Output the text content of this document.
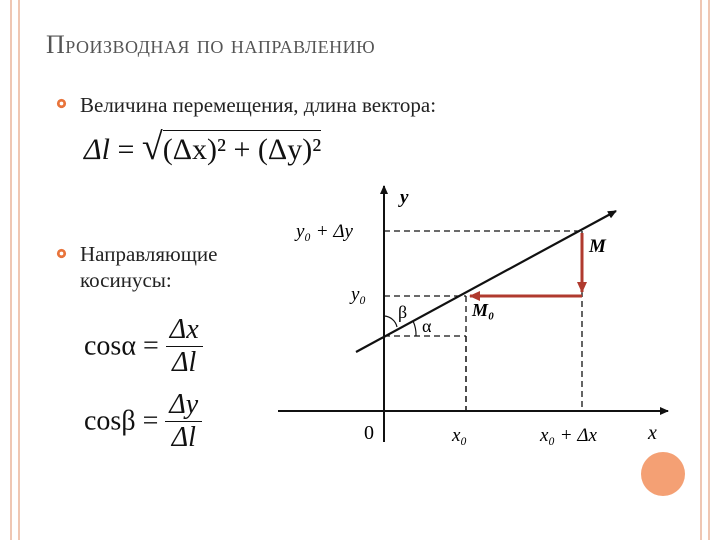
Производная по направлению
Величина перемещения, длина вектора:
Δl = √(Δx)² + (Δy)²
Направляющие косинусы:
$\cos\alpha = \frac{\Delta x}{\Delta l}$
$\cos\beta = \frac{\Delta y}{\Delta l}$
y
x
0	x₀	x₀ + Δx
y₀
y₀ + Δy
M₀
M
α
β
